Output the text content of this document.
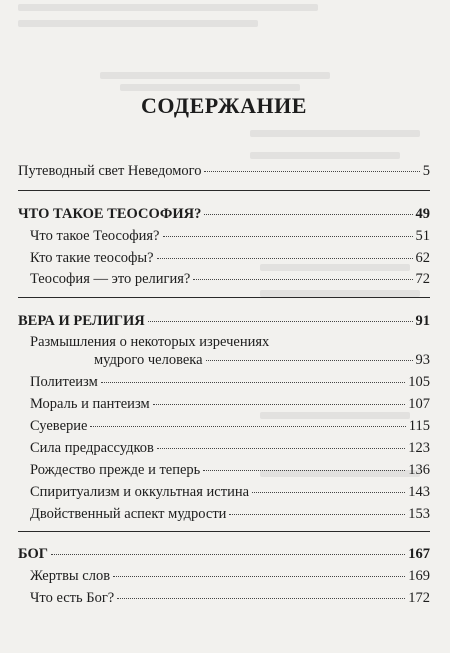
СОДЕРЖАНИЕ
Путеводный свет Неведомого	5
ЧТО ТАКОЕ ТЕОСОФИЯ?	49
Что такое Теософия?	51
Кто такие теософы?	62
Теософия — это религия?	72
ВЕРА И РЕЛИГИЯ	91
Размышления о некоторых изречениях
мудрого человека	93
Политеизм	105
Мораль и пантеизм	107
Суеверие	115
Сила предрассудков	123
Рождество прежде и теперь	136
Спиритуализм и оккультная истина	143
Двойственный аспект мудрости	153
БОГ	167
Жертвы слов	169
Что есть Бог?	172
